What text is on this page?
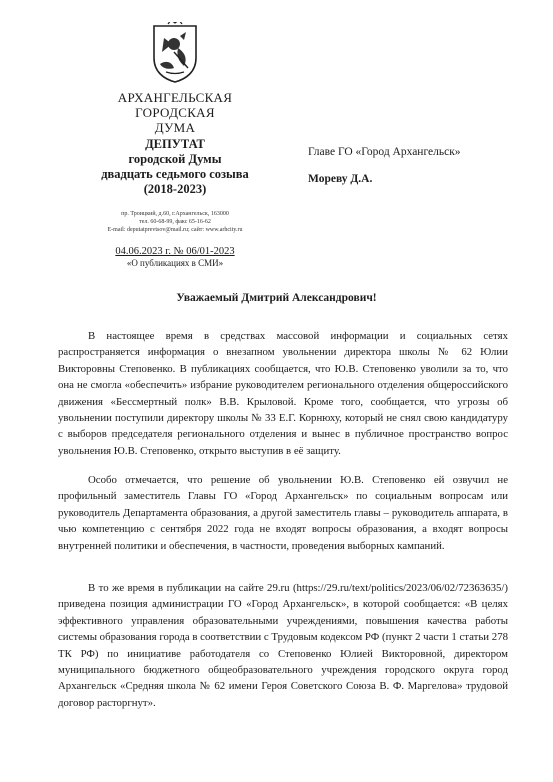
АРХАНГЕЛЬСКАЯ
ГОРОДСКАЯ
ДУМА
ДЕПУТАТ
городской Думы
двадцать седьмого созыва
(2018-2023)
пр. Троицкий, д.60, г.Архангельск, 163000
тел. 60-68-99, факс 65-16-62
E-mail: deputatprevtsov@mail.ru; сайт: www.arhcity.ru
04.06.2023 г. № 06/01-2023
«О публикациях в СМИ»
Главе ГО «Город Архангельск»
Мореву Д.А.
Уважаемый Дмитрий Александрович!

В настоящее время в средствах массовой информации и социальных сетях распространяется информация о внезапном увольнении директора школы № 62 Юлии Викторовны Степовенко. В публикациях сообщается, что Ю.В. Степовенко уволили за то, что она не смогла «обеспечить» избрание руководителем регионального отделения общероссийского движения «Бессмертный полк» В.В. Крыловой. Кроме того, сообщается, что угрозы об увольнении поступили директору школы № 33 Е.Г. Корнюху, который не снял свою кандидатуру с выборов председателя регионального отделения и вынес в публичное пространство вопрос увольнения Ю.В. Степовенко, открыто выступив в её защиту.

Особо отмечается, что решение об увольнении Ю.В. Степовенко ей озвучил не профильный заместитель Главы ГО «Город Архангельск» по социальным вопросам или руководитель Департамента образования, а другой заместитель главы – руководитель аппарата, в чью компетенцию с сентября 2022 года не входят вопросы образования, а входят вопросы внутренней политики и обеспечения, в частности, проведения выборных кампаний.

В то же время в публикации на сайте 29.ru (https://29.ru/text/politics/2023/06/02/72363635/) приведена позиция администрации ГО «Город Архангельск», в которой сообщается: «В целях эффективного управления образовательными учреждениями, повышения качества работы системы образования города в соответствии с Трудовым кодексом РФ (пункт 2 части 1 статьи 278 ТК РФ) по инициативе работодателя со Степовенко Юлией Викторовной, директором муниципального бюджетного общеобразовательного учреждения городского округа город Архангельск «Средняя школа № 62 имени Героя Советского Союза В. Ф. Маргелова» трудовой договор расторгнут».
